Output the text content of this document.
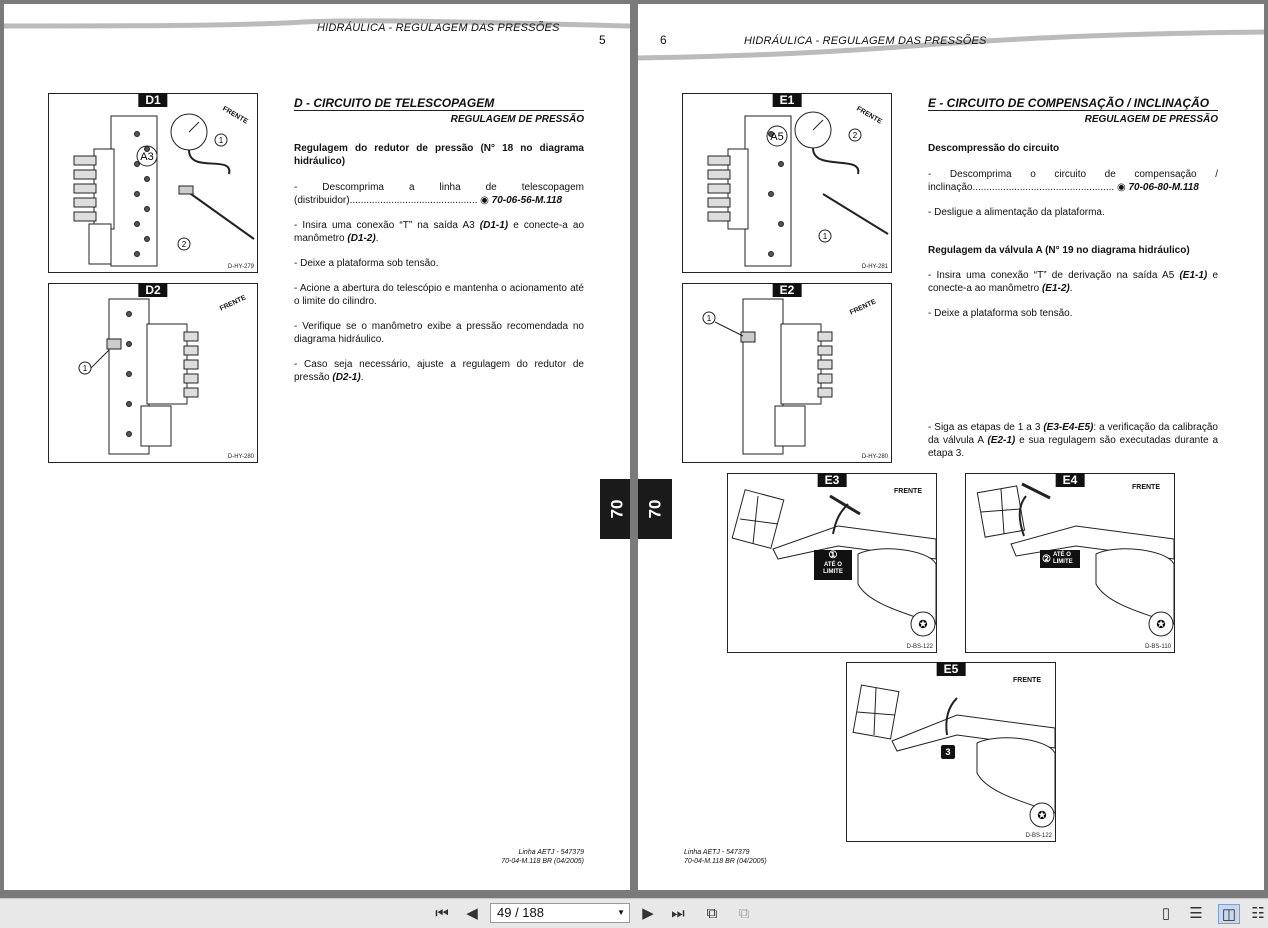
HIDRÁULICA - REGULAGEM DAS PRESSÕES
5
D1
1
2
A3
FRENTE
D-HY-279
D2
1
FRENTE
D-HY-280
D - CIRCUITO DE TELESCOPAGEM
REGULAGEM DE PRESSÃO
Regulagem do redutor de pressão (N° 18 no diagrama hidráulico)
- Descomprima a linha de telescopagem (distribuidor).............................................. ◉ 70-06-56-M.118
- Insira uma conexão “T” na saída A3 (D1-1) e conecte-a ao manômetro (D1-2).
- Deixe a plataforma sob tensão.
- Acione a abertura do telescópio e mantenha o acionamento até o limite do cilindro.
- Verifique se o manômetro exibe a pressão recomendada no diagrama hidráulico.
- Caso seja necessário, ajuste a regulagem do redutor de pressão (D2-1).
Linha AETJ - 547379
70-04-M.118 BR (04/2005)
70
6	HIDRÁULICA - REGULAGEM DAS PRESSÕES
E1
2
1
A5
FRENTE
D-HY-281
E2
1
FRENTE
D-HY-280
E3
✪
①
ATÉ O LIMITE
FRENTE
D-BS-122
E4
✪
② ATÉ O LIMITE
FRENTE
D-BS-110
E5
✪
3
FRENTE
D-BS-122
E - CIRCUITO DE COMPENSAÇÃO / INCLINAÇÃO
REGULAGEM DE PRESSÃO
Descompressão do circuito
- Descomprima o circuito de compensação / inclinação................................................... ◉ 70-06-80-M.118
- Desligue a alimentação da plataforma.
Regulagem da válvula A (N° 19 no diagrama hidráulico)
- Insira uma conexão “T” de derivação na saída A5 (E1-1) e conecte-a ao manômetro (E1-2).
- Deixe a plataforma sob tensão.
- Siga as etapas de 1 a 3 (E3-E4-E5): a verificação da calibração da válvula A (E2-1) e sua regulagem são executadas durante a etapa 3.
Linha AETJ - 547379
70-04-M.118 BR (04/2005)
70
⏮ ◀	49 / 188	▼ ▶ ⏭	⧉	⧉	▯	☰ ◫ ☷
